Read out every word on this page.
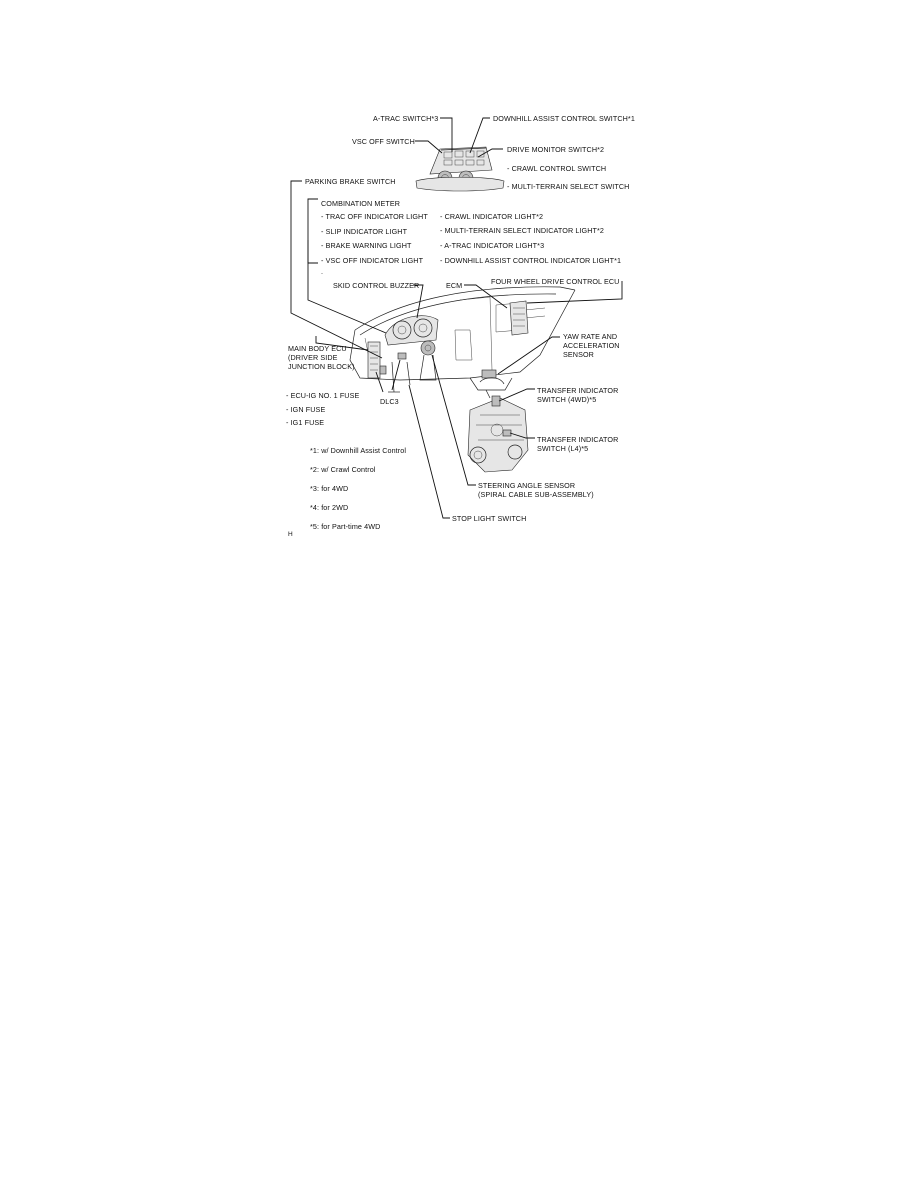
A-TRAC SWITCH*3	DOWNHILL ASSIST CONTROL SWITCH*1
VSC OFF SWITCH
DRIVE MONITOR SWITCH*2
- CRAWL CONTROL SWITCH
- MULTI-TERRAIN SELECT SWITCH
PARKING BRAKE SWITCH
COMBINATION METER
- TRAC OFF INDICATOR LIGHT
- SLIP INDICATOR LIGHT
- BRAKE WARNING LIGHT
- VSC OFF INDICATOR LIGHT
.
- CRAWL INDICATOR LIGHT*2
- MULTI-TERRAIN SELECT INDICATOR LIGHT*2
- A-TRAC INDICATOR LIGHT*3
- DOWNHILL ASSIST CONTROL INDICATOR LIGHT*1
SKID CONTROL BUZZER	ECM	FOUR WHEEL DRIVE CONTROL ECU
MAIN BODY ECU
(DRIVER SIDE
JUNCTION BLOCK)
YAW RATE AND
ACCELERATION
SENSOR
- ECU-IG NO. 1 FUSE
- IGN FUSE
- IG1 FUSE
DLC3
TRANSFER INDICATOR
SWITCH (4WD)*5
TRANSFER INDICATOR
SWITCH (L4)*5
STEERING ANGLE SENSOR
(SPIRAL CABLE SUB-ASSEMBLY)
STOP LIGHT SWITCH
*1: w/ Downhill Assist Control
*2: w/ Crawl Control
*3: for 4WD
*4: for 2WD
*5: for Part-time 4WD
H
